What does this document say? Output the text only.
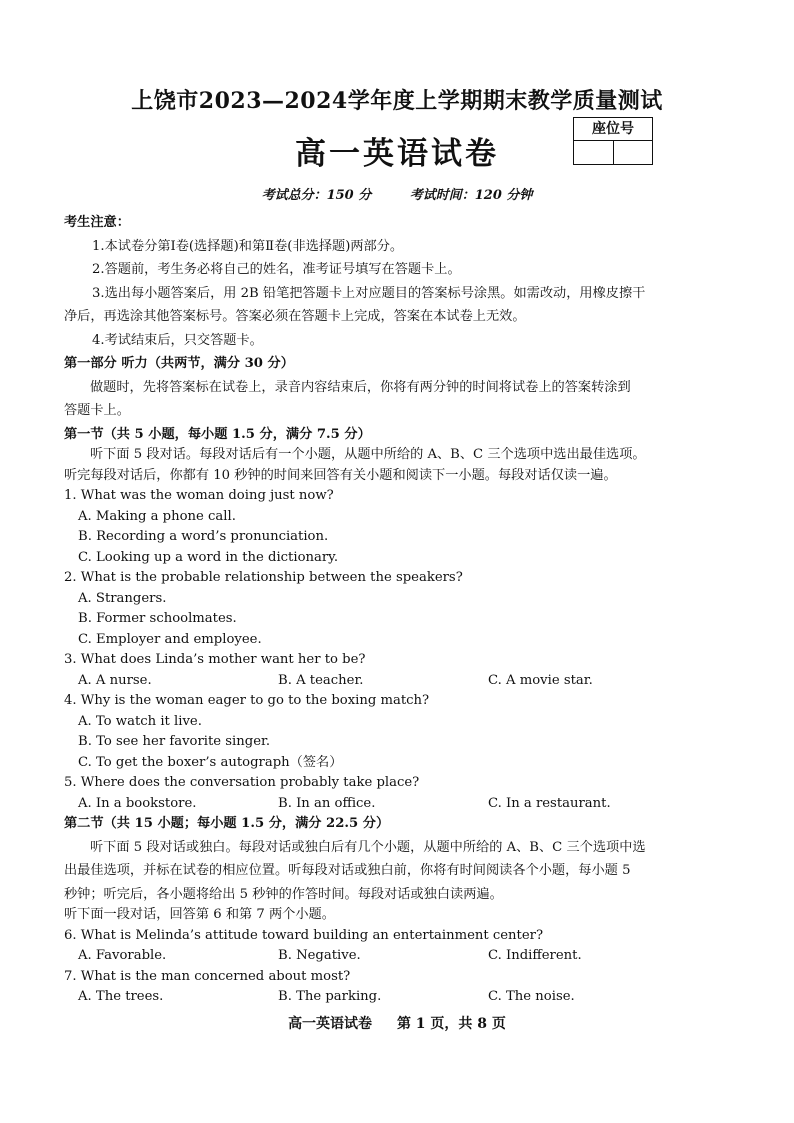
上饶市2023—2024学年度上学期期末教学质量测试
高一英语试卷
座位号
考试总分：150 分	考试时间：120 分钟

考生注意：

1.本试卷分第Ⅰ卷(选择题)和第Ⅱ卷(非选择题)两部分。

2.答题前，考生务必将自己的姓名，准考证号填写在答题卡上。

3.选出每小题答案后，用 2B 铅笔把答题卡上对应题目的答案标号涂黑。如需改动，用橡皮擦干

净后，再选涂其他答案标号。答案必须在答题卡上完成，答案在本试卷上无效。

4.考试结束后，只交答题卡。

第一部分 听力（共两节，满分 30 分）

做题时，先将答案标在试卷上，录音内容结束后，你将有两分钟的时间将试卷上的答案转涂到

答题卡上。

第一节（共 5 小题，每小题 1.5 分，满分 7.5 分）

听下面 5 段对话。每段对话后有一个小题，从题中所给的 A、B、C 三个选项中选出最佳选项。

听完每段对话后，你都有 10 秒钟的时间来回答有关小题和阅读下一小题。每段对话仅读一遍。

1. What was the woman doing just now?

A. Making a phone call.

B. Recording a word’s pronunciation.

C. Looking up a word in the dictionary.

2. What is the probable relationship between the speakers?

A. Strangers.

B. Former schoolmates.

C. Employer and employee.

3. What does Linda’s mother want her to be?

A. A nurse.	B. A teacher.	C. A movie star.

4. Why is the woman eager to go to the boxing match?

A. To watch it live.

B. To see her favorite singer.

C. To get the boxer’s autograph（签名）

5. Where does the conversation probably take place?

A. In a bookstore.	B. In an office.	C. In a restaurant.

第二节（共 15 小题；每小题 1.5 分，满分 22.5 分）

听下面 5 段对话或独白。每段对话或独白后有几个小题，从题中所给的 A、B、C 三个选项中选

出最佳选项，并标在试卷的相应位置。听每段对话或独白前，你将有时间阅读各个小题，每小题 5

秒钟；听完后，各小题将给出 5 秒钟的作答时间。每段对话或独白读两遍。

听下面一段对话，回答第 6 和第 7 两个小题。

6. What is Melinda’s attitude toward building an entertainment center?

A. Favorable.	B. Negative.	C. Indifferent.

7. What is the man concerned about most?

A. The trees.	B. The parking.	C. The noise.
高一英语试卷 第 1 页，共 8 页
